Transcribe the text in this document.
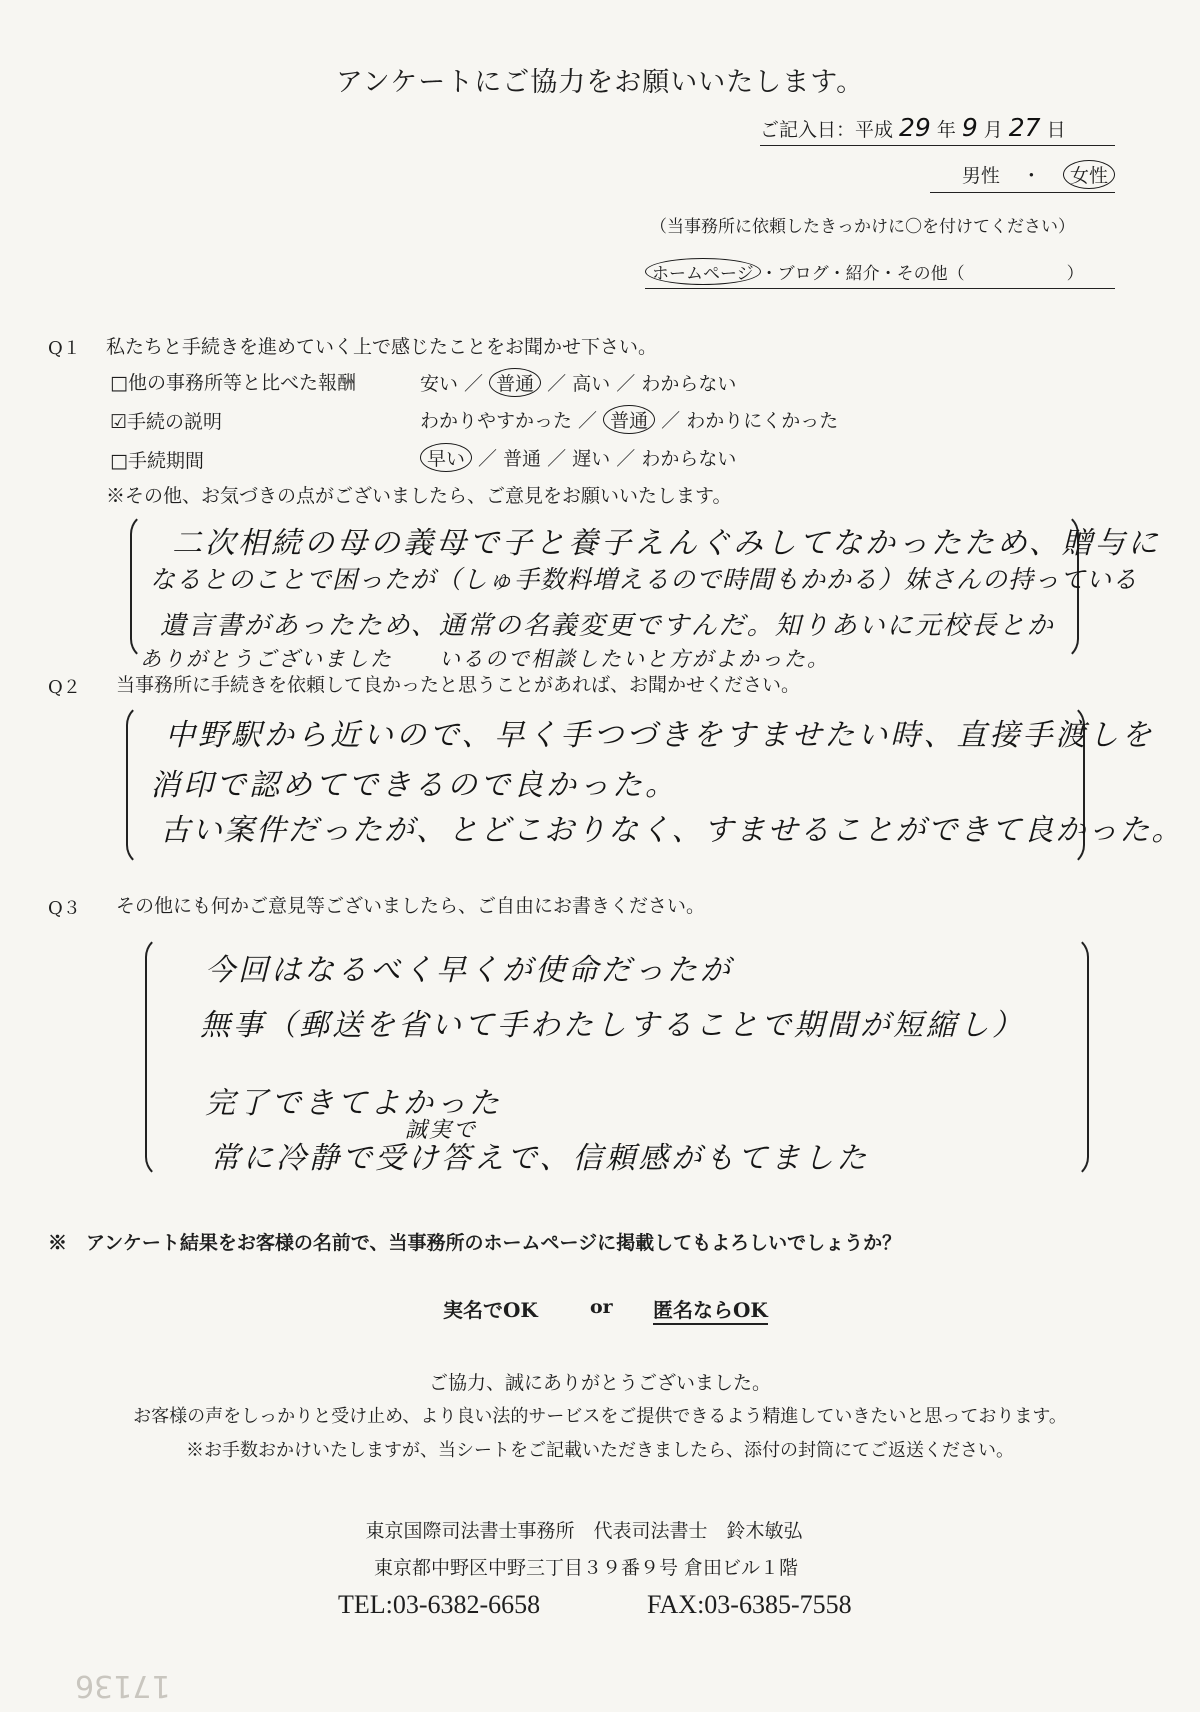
アンケートにご協力をお願いいたします。
ご記入日：平成 29 年 9 月 27 日
男性 ・ 女性
（当事務所に依頼したきっかけに〇を付けてください）
ホームページ ・ブログ・紹介・その他（　　　　　　）
Q１ 私たちと手続きを進めていく上で感じたことをお聞かせ下さい。
□他の事務所等と比べた報酬	安い ／ 普通 ／ 高い ／ わからない
☑手続の説明	わかりやすかった ／ 普通 ／ わかりにくかった
□手続期間	早い ／ 普通 ／ 遅い ／ わからない
※その他、お気づきの点がございましたら、ご意見をお願いいたします。
二次相続の母の義母で子と養子えんぐみしてなかったため、贈与に
なるとのことで困ったが（しゅ手数料増えるので時間もかかる）妹さんの持っている
遺言書があったため、通常の名義変更ですんだ。知りあいに元校長とか
ありがとうございました　　いるので相談したいと方がよかった。
Q２ 当事務所に手続きを依頼して良かったと思うことがあれば、お聞かせください。
中野駅から近いので、早く手つづきをすませたい時、直接手渡しを
消印で認めてできるので良かった。
古い案件だったが、とどこおりなく、すませることができて良かった。
Q３ その他にも何かご意見等ございましたら、ご自由にお書きください。
今回はなるべく早くが使命だったが
無事（郵送を省いて手わたしすることで期間が短縮し）
完了できてよかった
誠実で
常に冷静で受け答えで、信頼感がもてました
※　アンケート結果をお客様の名前で、当事務所のホームページに掲載してもよろしいでしょうか？
実名でOK	or 匿名ならOK
ご協力、誠にありがとうございました。
お客様の声をしっかりと受け止め、より良い法的サービスをご提供できるよう精進していきたいと思っております。
※お手数おかけいたしますが、当シートをご記載いただきましたら、添付の封筒にてご返送ください。
東京国際司法書士事務所　代表司法書士　鈴木敏弘
東京都中野区中野三丁目３９番９号 倉田ビル１階
TEL:03-6382-6658	FAX:03-6385-7558
17136
